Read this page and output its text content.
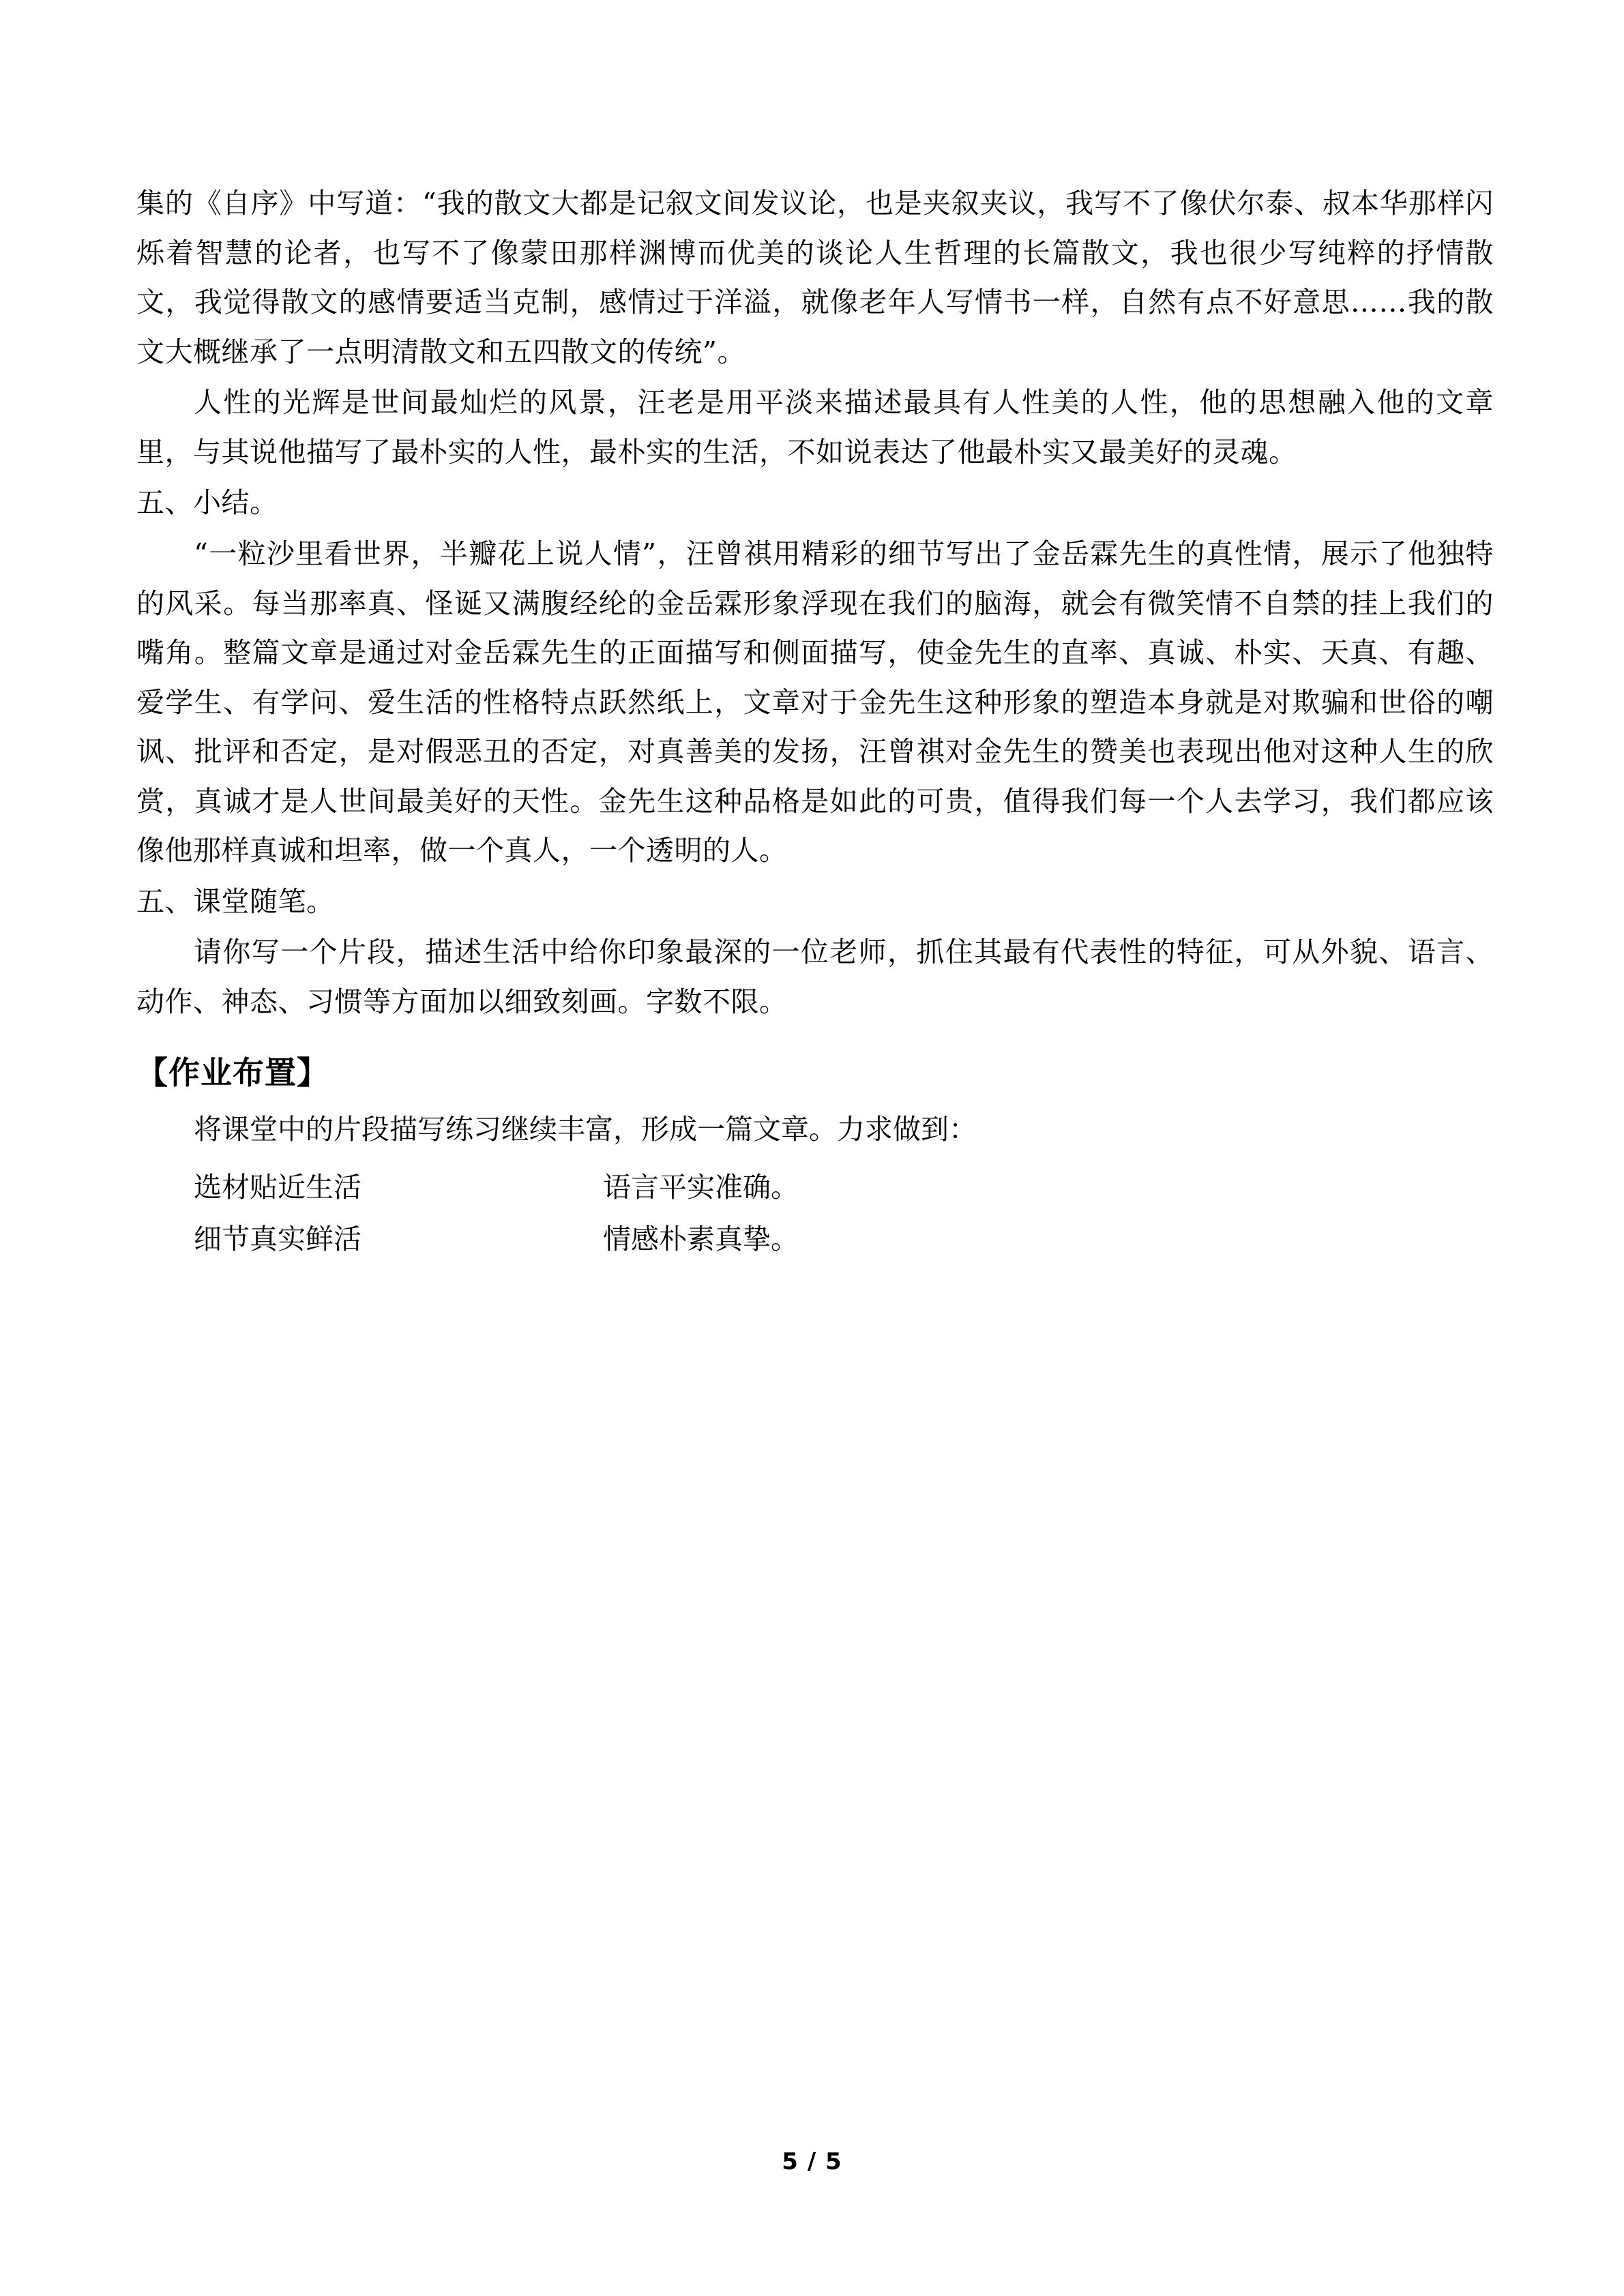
集的《自序》中写道：“我的散文大都是记叙文间发议论，也是夹叙夹议，我写不了像伏尔泰、叔本华那样闪烁着智慧的论者，也写不了像蒙田那样渊博而优美的谈论人生哲理的长篇散文，我也很少写纯粹的抒情散文，我觉得散文的感情要适当克制，感情过于洋溢，就像老年人写情书一样，自然有点不好意思……我的散文大概继承了一点明清散文和五四散文的传统”。

人性的光辉是世间最灿烂的风景，汪老是用平淡来描述最具有人性美的人性，他的思想融入他的文章里，与其说他描写了最朴实的人性，最朴实的生活，不如说表达了他最朴实又最美好的灵魂。

五、小结。

“一粒沙里看世界，半瓣花上说人情”，汪曾祺用精彩的细节写出了金岳霖先生的真性情，展示了他独特的风采。每当那率真、怪诞又满腹经纶的金岳霖形象浮现在我们的脑海，就会有微笑情不自禁的挂上我们的嘴角。整篇文章是通过对金岳霖先生的正面描写和侧面描写，使金先生的直率、真诚、朴实、天真、有趣、爱学生、有学问、爱生活的性格特点跃然纸上，文章对于金先生这种形象的塑造本身就是对欺骗和世俗的嘲讽、批评和否定，是对假恶丑的否定，对真善美的发扬，汪曾祺对金先生的赞美也表现出他对这种人生的欣赏，真诚才是人世间最美好的天性。金先生这种品格是如此的可贵，值得我们每一个人去学习，我们都应该像他那样真诚和坦率，做一个真人，一个透明的人。

五、课堂随笔。

请你写一个片段，描述生活中给你印象最深的一位老师，抓住其最有代表性的特征，可从外貌、语言、动作、神态、习惯等方面加以细致刻画。字数不限。

【作业布置】

将课堂中的片段描写练习继续丰富，形成一篇文章。力求做到：

选材贴近生活	语言平实准确。
细节真实鲜活	情感朴素真挚。
5 / 5
